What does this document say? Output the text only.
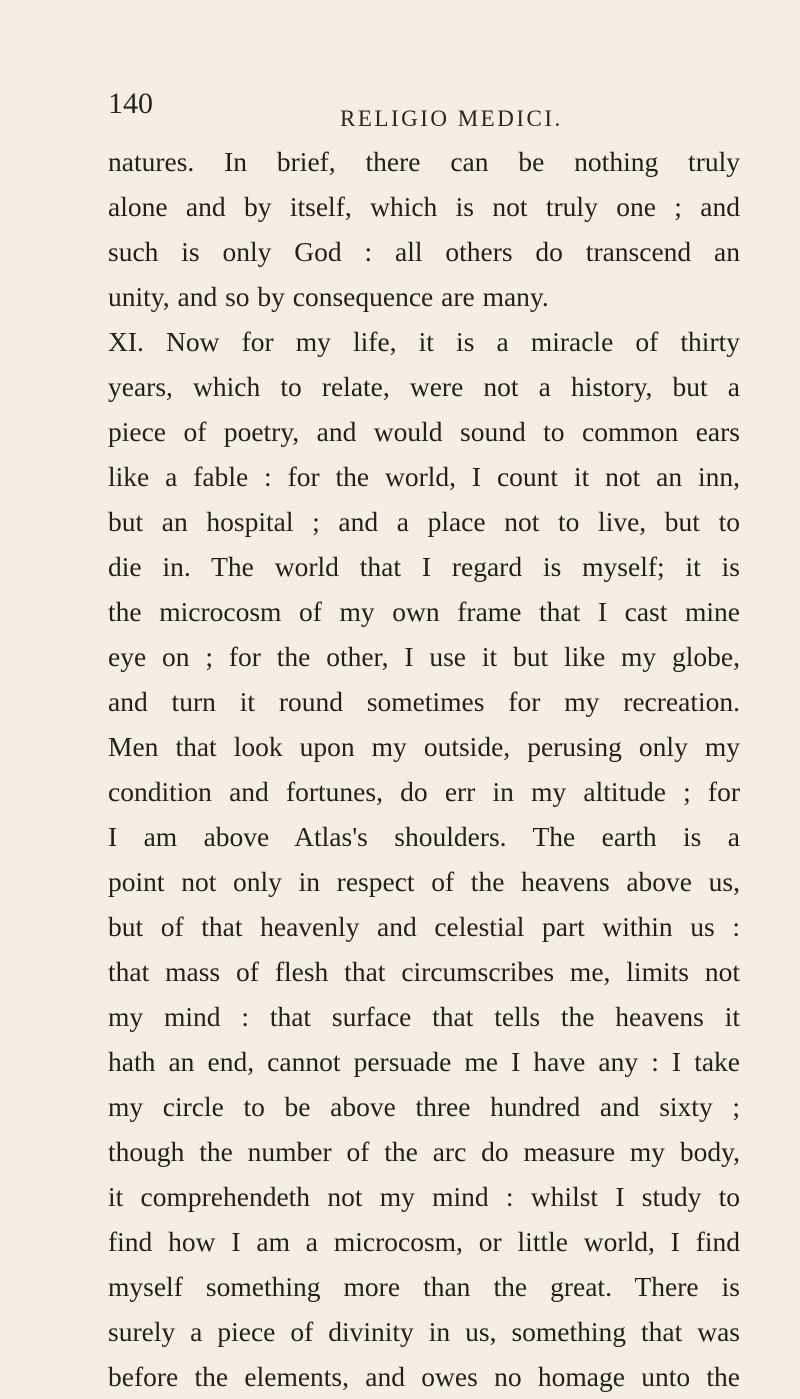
140	RELIGIO MEDICI.
natures. In brief, there can be nothing truly
alone and by itself, which is not truly one ; and
such is only God : all others do transcend an
unity, and so by consequence are many.
XI. Now for my life, it is a miracle of thirty
years, which to relate, were not a history, but a
piece of poetry, and would sound to common ears
like a fable : for the world, I count it not an inn,
but an hospital ; and a place not to live, but to
die in. The world that I regard is myself; it is
the microcosm of my own frame that I cast mine
eye on ; for the other, I use it but like my globe,
and turn it round sometimes for my recreation.
Men that look upon my outside, perusing only my
condition and fortunes, do err in my altitude ; for
I am above Atlas's shoulders. The earth is a
point not only in respect of the heavens above us,
but of that heavenly and celestial part within us :
that mass of flesh that circumscribes me, limits not
my mind : that surface that tells the heavens it
hath an end, cannot persuade me I have any : I take
my circle to be above three hundred and sixty ;
though the number of the arc do measure my body,
it comprehendeth not my mind : whilst I study to
find how I am a microcosm, or little world, I find
myself something more than the great. There is
surely a piece of divinity in us, something that was
before the elements, and owes no homage unto the
